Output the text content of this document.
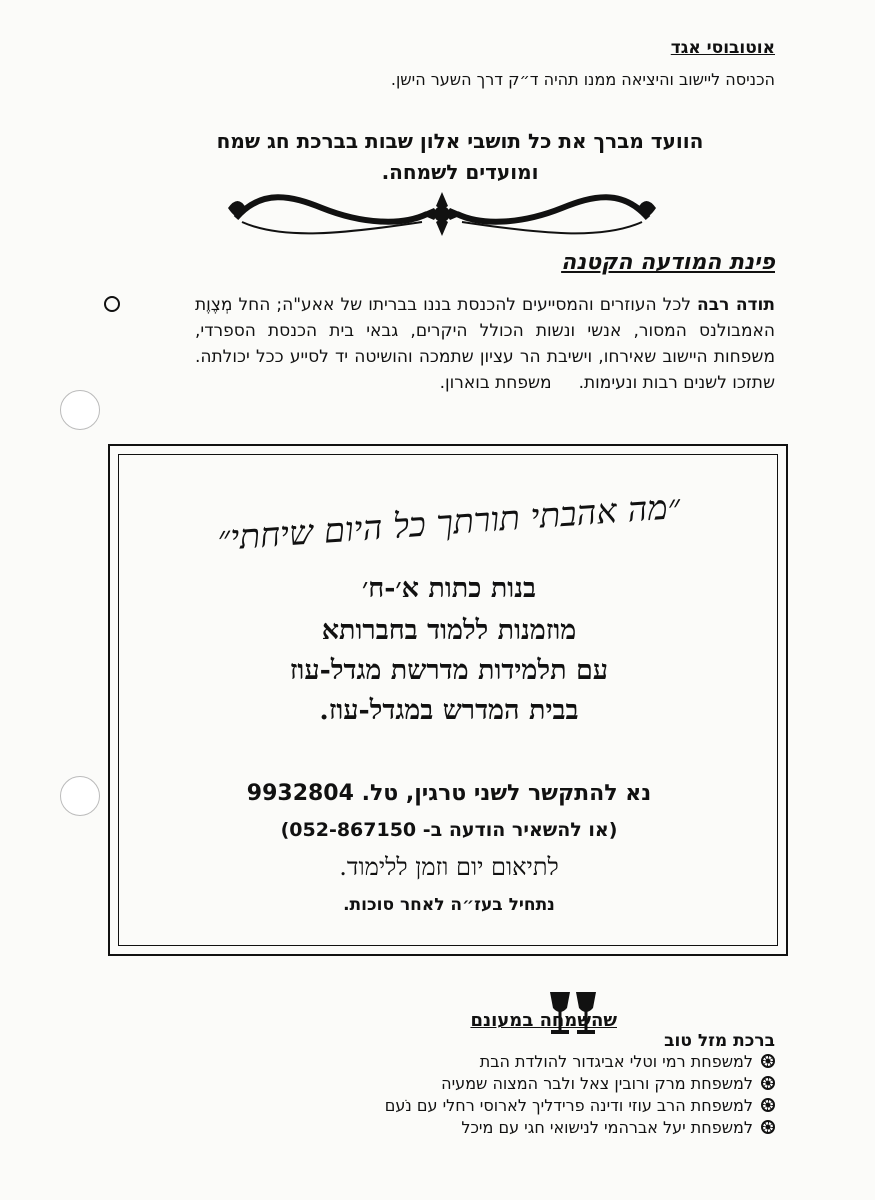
אוטובוסי אגד
הכניסה ליישוב והיציאה ממנו תהיה ד״ק דרך השער הישן.
הוועד מברך את כל תושבי אלון שבות בברכת חג שמח
ומועדים לשמחה.
פינת המודעה הקטנה
תודה רבה לכל העוזרים והמסייעים להכנסת בננו בבריתו של אאע"ה; החל מְצֶוֶת האמבולנס המסור, אנשי ונשות הכולל היקרים, גבאי בית הכנסת הספרדי, משפחות היישוב שאירחו, וישיבת הר עציון שתמכה והושיטה יד לסייע ככל יכולתה. שתזכו לשנים רבות ונעימות.     משפחת בוארון.
״מה אהבתי תורתך כל היום שיחתי״
בנות כתות א׳-ח׳
מוזמנות ללמוד בחברותא
עם תלמידות מדרשת מגדל-עוז
בבית המדרש במגדל-עוז.
נא להתקשר לשני טרגין, טל. 9932804
(או להשאיר הודעה ב- 052-867150)
לתיאום יום וזמן ללימוד.
נתחיל בעז״ה לאחר סוכות.
שהשמחה במעונם
ברכת מזל טוב
למשפחת רמי וטלי אביגדור להולדת הבת
למשפחת מרק ורובין צאל ולבר המצוה שמעיה
למשפחת הרב עוזי ודינה פרידליך לארוסי רחלי עם נֹעם
למשפחת יעל אברהמי לנישואי חגי עם מיכל
